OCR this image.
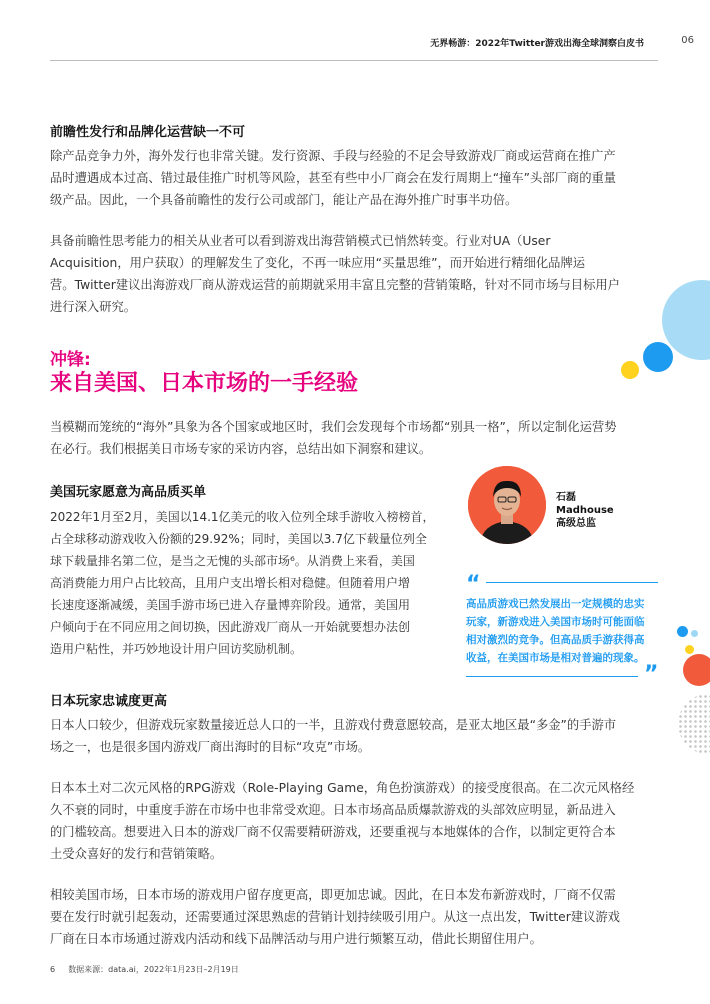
无界畅游：2022年Twitter游戏出海全球洞察白皮书	06
前瞻性发行和品牌化运营缺一不可
除产品竞争力外，海外发行也非常关键。发行资源、手段与经验的不足会导致游戏厂商或运营商在推广产
品时遭遇成本过高、错过最佳推广时机等风险，甚至有些中小厂商会在发行周期上“撞车”头部厂商的重量
级产品。因此，一个具备前瞻性的发行公司或部门，能让产品在海外推广时事半功倍。
具备前瞻性思考能力的相关从业者可以看到游戏出海营销模式已悄然转变。行业对UA（User
Acquisition，用户获取）的理解发生了变化，不再一味应用“买量思维”，而开始进行精细化品牌运
营。Twitter建议出海游戏厂商从游戏运营的前期就采用丰富且完整的营销策略，针对不同市场与目标用户
进行深入研究。
冲锋:
来自美国、日本市场的一手经验
当模糊而笼统的“海外”具象为各个国家或地区时，我们会发现每个市场都“别具一格”，所以定制化运营势
在必行。我们根据美日市场专家的采访内容，总结出如下洞察和建议。
美国玩家愿意为高品质买单
2022年1月至2月，美国以14.1亿美元的收入位列全球手游收入榜榜首，
占全球移动游戏收入份额的29.92%；同时，美国以3.7亿下载量位列全
球下载量排名第二位，是当之无愧的头部市场⁶。从消费上来看，美国
高消费能力用户占比较高，且用户支出增长相对稳健。但随着用户增
长速度逐渐减缓，美国手游市场已进入存量博弈阶段。通常，美国用
户倾向于在不同应用之间切换，因此游戏厂商从一开始就要想办法创
造用户粘性，并巧妙地设计用户回访奖励机制。
石磊
Madhouse
高级总监
“
高品质游戏已然发展出一定规模的忠实
玩家，新游戏进入美国市场时可能面临
相对激烈的竞争。但高品质手游获得高
收益，在美国市场是相对普遍的现象。
”
日本玩家忠诚度更高
日本人口较少，但游戏玩家数量接近总人口的一半，且游戏付费意愿较高，是亚太地区最“多金”的手游市
场之一，也是很多国内游戏厂商出海时的目标“攻克”市场。
日本本土对二次元风格的RPG游戏（Role-Playing Game，角色扮演游戏）的接受度很高。在二次元风格经
久不衰的同时，中重度手游在市场中也非常受欢迎。日本市场高品质爆款游戏的头部效应明显，新品进入
的门槛较高。想要进入日本的游戏厂商不仅需要精研游戏，还要重视与本地媒体的合作，以制定更符合本
土受众喜好的发行和营销策略。
相较美国市场，日本市场的游戏用户留存度更高，即更加忠诚。因此，在日本发布新游戏时，厂商不仅需
要在发行时就引起轰动，还需要通过深思熟虑的营销计划持续吸引用户。从这一点出发，Twitter建议游戏
厂商在日本市场通过游戏内活动和线下品牌活动与用户进行频繁互动，借此长期留住用户。
6 数据来源：data.ai，2022年1月23日–2月19日
